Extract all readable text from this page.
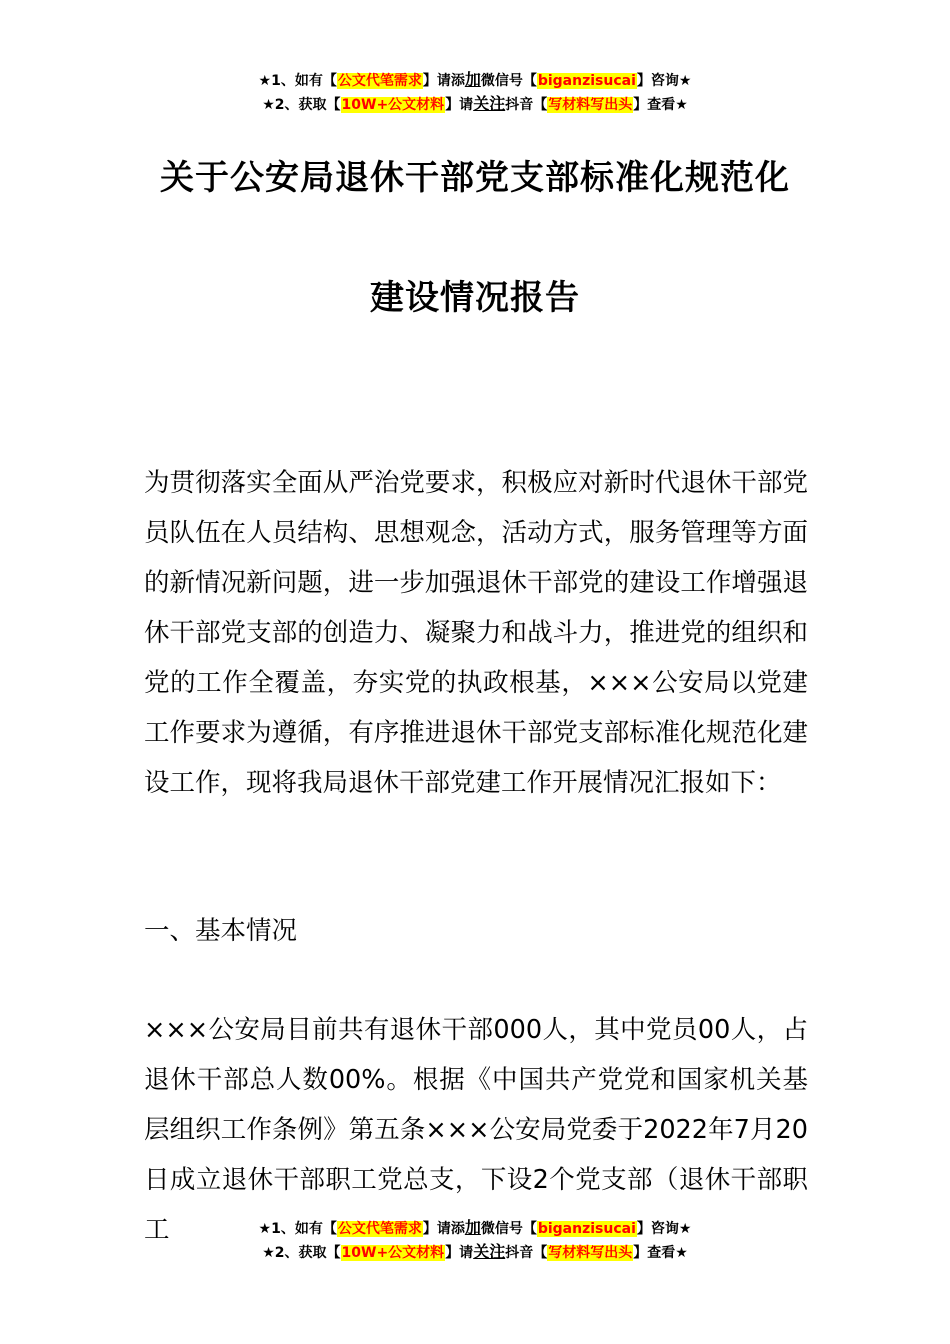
★1、如有【公文代笔需求】请添加微信号【biganzisucai】咨询★
★2、获取【10W+公文材料】请关注抖音【写材料写出头】查看★
关于公安局退休干部党支部标准化规范化
建设情况报告
为贯彻落实全面从严治党要求，积极应对新时代退休干部党员队伍在人员结构、思想观念，活动方式，服务管理等方面的新情况新问题，进一步加强退休干部党的建设工作增强退休干部党支部的创造力、凝聚力和战斗力，推进党的组织和党的工作全覆盖，夯实党的执政根基，×××公安局以党建工作要求为遵循，有序推进退休干部党支部标准化规范化建设工作，现将我局退休干部党建工作开展情况汇报如下：
一、基本情况
×××公安局目前共有退休干部000人，其中党员00人，占退休干部总人数00%。根据《中国共产党党和国家机关基层组织工作条例》第五条×××公安局党委于2022年7月20日成立退休干部职工党总支，下设2个党支部（退休干部职工	★1、如有【公文代笔需求】请添加微信号【biganzisucai】咨询★
★2、获取【10W+公文材料】请关注抖音【写材料写出头】查看★
